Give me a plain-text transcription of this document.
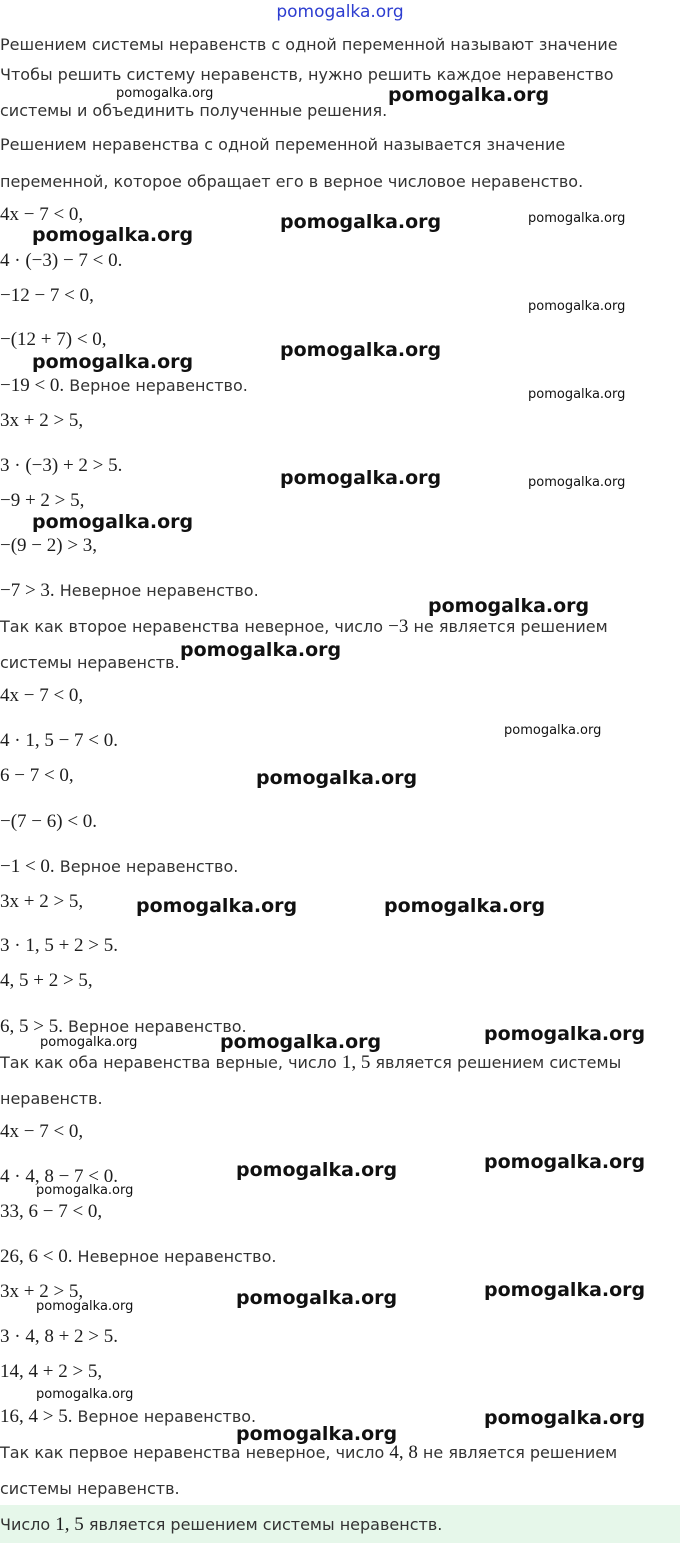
pomogalka.org
Решением системы неравенств с одной переменной называют значение
Чтобы решить систему неравенств, нужно решить каждое неравенство
системы и объединить полученные решения.
Решением неравенства с одной переменной называется значение
переменной, которое обращает его в верное числовое неравенство.
4x − 7 < 0,
4 · (−3) − 7 < 0.
−12 − 7 < 0,
−(12 + 7) < 0,
−19 < 0. Верное неравенство.
3x + 2 > 5,
3 · (−3) + 2 > 5.
−9 + 2 > 5,
−(9 − 2) > 3,
−7 > 3. Неверное неравенство.
Так как второе неравенства неверное, число −3 не является решением
системы неравенств.
4x − 7 < 0,
4 · 1, 5 − 7 < 0.
6 − 7 < 0,
−(7 − 6) < 0.
−1 < 0. Верное неравенство.
3x + 2 > 5,
3 · 1, 5 + 2 > 5.
4, 5 + 2 > 5,
6, 5 > 5. Верное неравенство.
Так как оба неравенства верные, число 1, 5 является решением системы
неравенств.
4x − 7 < 0,
4 · 4, 8 − 7 < 0.
33, 6 − 7 < 0,
26, 6 < 0. Неверное неравенство.
3x + 2 > 5,
3 · 4, 8 + 2 > 5.
14, 4 + 2 > 5,
16, 4 > 5. Верное неравенство.
Так как первое неравенства неверное, число 4, 8 не является решением
системы неравенств.
Число 1, 5 является решением системы неравенств.
pomogalka.org	pomogalka.org
pomogalka.org	pomogalka.org
pomogalka.org
pomogalka.org
pomogalka.org
pomogalka.org
pomogalka.org
pomogalka.org	pomogalka.org
pomogalka.org
pomogalka.org
pomogalka.org
pomogalka.org
pomogalka.org
pomogalka.org	pomogalka.org
pomogalka.org
pomogalka.org
pomogalka.org
pomogalka.org
pomogalka.org
pomogalka.org
pomogalka.org
pomogalka.org
pomogalka.org
pomogalka.org
pomogalka.org
pomogalka.org
